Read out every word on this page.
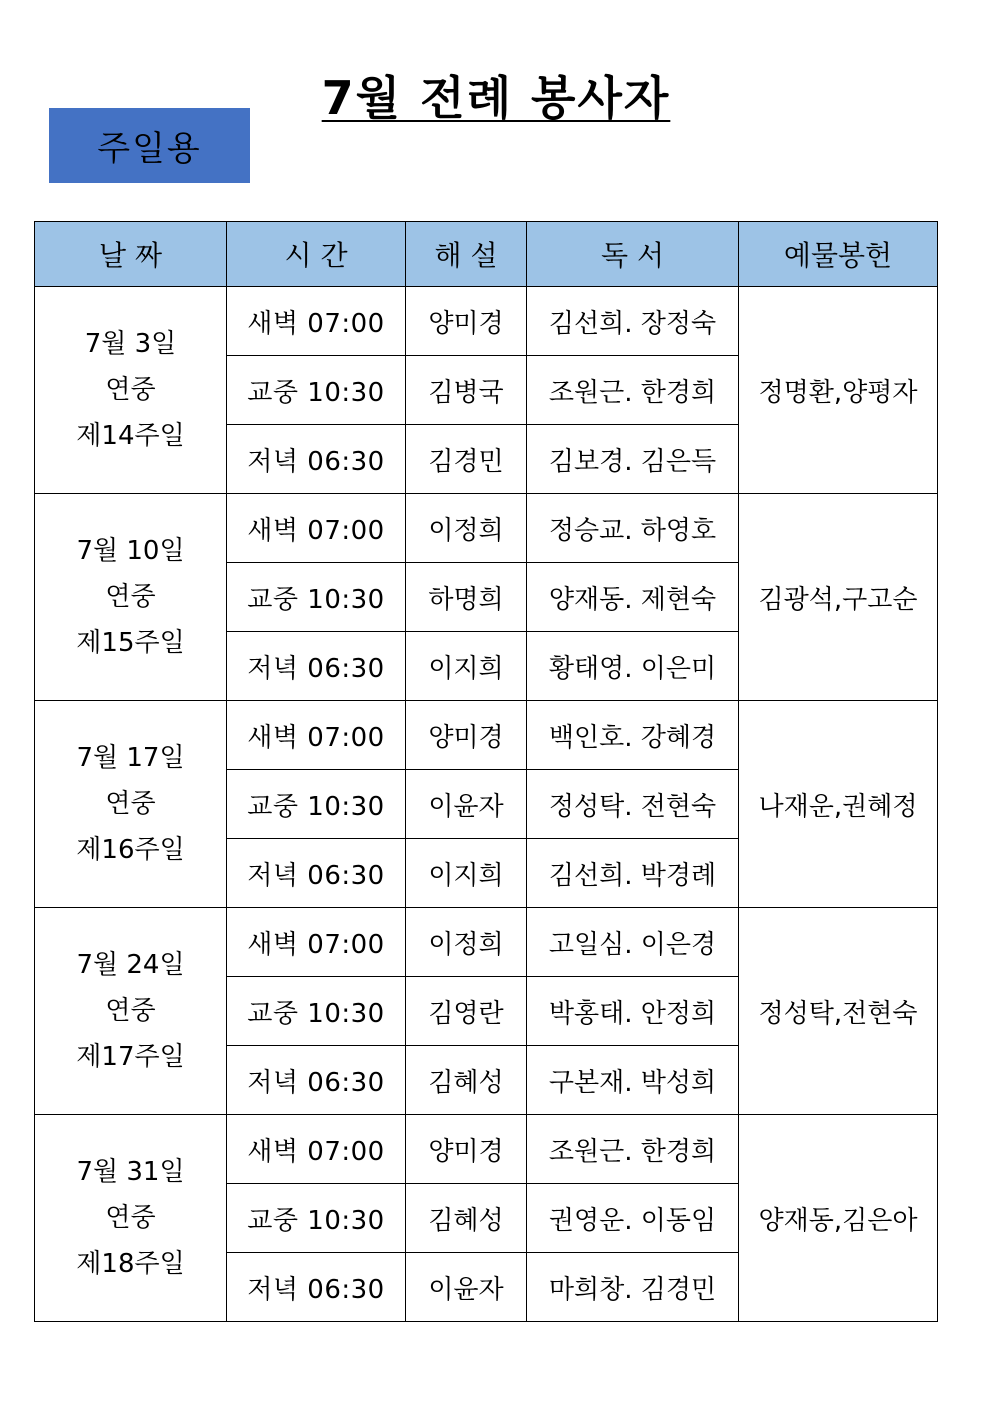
7월 전례 봉사자
주일용
날 짜	시 간	해 설	독 서	예물봉헌

7월 3일
연중
제14주일	새벽 07:00	양미경	김선희. 장정숙	정명환,양평자
	교중 10:30	김병국	조원근. 한경희	
	저녁 06:30	김경민	김보경. 김은득	

7월 10일
연중
제15주일	새벽 07:00	이정희	정승교. 하영호	김광석,구고순
	교중 10:30	하명희	양재동. 제현숙	
	저녁 06:30	이지희	황태영. 이은미	

7월 17일
연중
제16주일	새벽 07:00	양미경	백인호. 강혜경	나재운,권혜정
	교중 10:30	이윤자	정성탁. 전현숙	
	저녁 06:30	이지희	김선희. 박경례	

7월 24일
연중
제17주일	새벽 07:00	이정희	고일심. 이은경	정성탁,전현숙
	교중 10:30	김영란	박홍태. 안정희	
	저녁 06:30	김혜성	구본재. 박성희	

7월 31일
연중
제18주일	새벽 07:00	양미경	조원근. 한경희	양재동,김은아
	교중 10:30	김혜성	권영운. 이동임	
	저녁 06:30	이윤자	마희창. 김경민	
